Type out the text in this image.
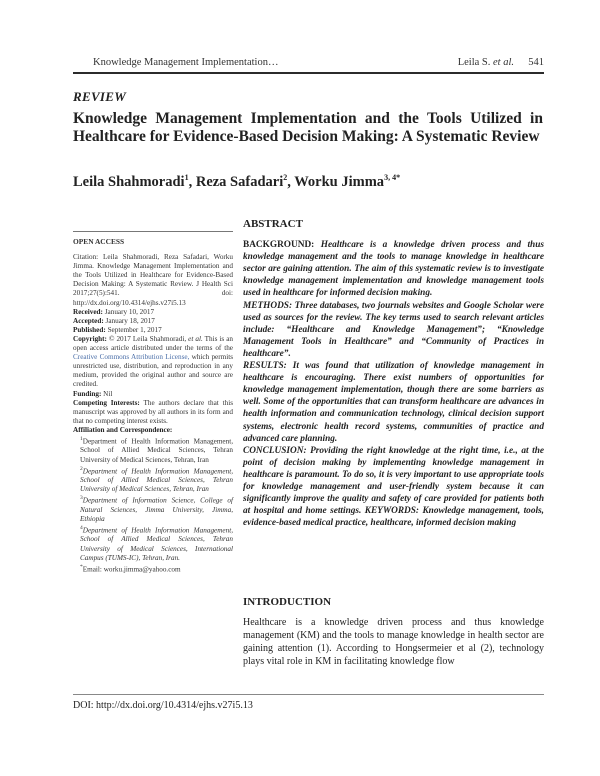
Knowledge Management Implementation…	Leila S. et al. 541
REVIEW
Knowledge Management Implementation and the Tools Utilized in Healthcare for Evidence-Based Decision Making: A Systematic Review
Leila Shahmoradi$^1$, Reza Safadari$^2$, Worku Jimma$^{3, 4*}$
OPEN ACCESS
Citation: Leila Shahmoradi, Reza Safadari, Worku Jimma. Knowledge Management Implementation and the Tools Utilized in Healthcare for Evidence-Based Decision Making: A Systematic Review. J Health Sci 2017;27(5):541. doi: http://dx.doi.org/10.4314/ejhs.v27i5.13
Received: January 10, 2017
Accepted: January 18, 2017
Published: September 1, 2017
Copyright: © 2017 Leila Shahmoradi, et al. This is an open access article distributed under the terms of the Creative Commons Attribution License, which permits unrestricted use, distribution, and reproduction in any medium, provided the original author and source are credited.
Funding: Nil
Competing Interests: The authors declare that this manuscript was approved by all authors in its form and that no competing interest exists.
Affiliation and Correspondence:
$^1$Department of Health Information Management, School of Allied Medical Sciences, Tehran University of Medical Sciences, Tehran, Iran
$^2$Department of Health Information Management, School of Allied Medical Sciences, Tehran University of Medical Sciences, Tehran, Iran
$^3$Department of Information Science, College of Natural Sciences, Jimma University, Jimma, Ethiopia
$^4$Department of Health Information Management, School of Allied Medical Sciences, Tehran University of Medical Sciences, International Campus (TUMS-IC), Tehran, Iran.
*Email: worku.jimma@yahoo.com
ABSTRACT

BACKGROUND: Healthcare is a knowledge driven process and thus knowledge management and the tools to manage knowledge in healthcare sector are gaining attention. The aim of this systematic review is to investigate knowledge management implementation and knowledge management tools used in healthcare for informed decision making.

METHODS: Three databases, two journals websites and Google Scholar were used as sources for the review. The key terms used to search relevant articles include: “Healthcare and Knowledge Management”; “Knowledge Management Tools in Healthcare” and “Community of Practices in healthcare”.

RESULTS: It was found that utilization of knowledge management in healthcare is encouraging. There exist numbers of opportunities for knowledge management implementation, though there are some barriers as well. Some of the opportunities that can transform healthcare are advances in health information and communication technology, clinical decision support systems, electronic health record systems, communities of practice and advanced care planning.

CONCLUSION: Providing the right knowledge at the right time, i.e., at the point of decision making by implementing knowledge management in healthcare is paramount. To do so, it is very important to use appropriate tools for knowledge management and user-friendly system because it can significantly improve the quality and safety of care provided for patients both at hospital and home settings. KEYWORDS: Knowledge management, tools, evidence-based medical practice, healthcare, informed decision making

INTRODUCTION
Healthcare is a knowledge driven process and thus knowledge management (KM) and the tools to manage knowledge in health sector are gaining attention (1). According to Hongsermeier et al (2), technology plays vital role in KM in facilitating knowledge flow
DOI: http://dx.doi.org/10.4314/ejhs.v27i5.13
